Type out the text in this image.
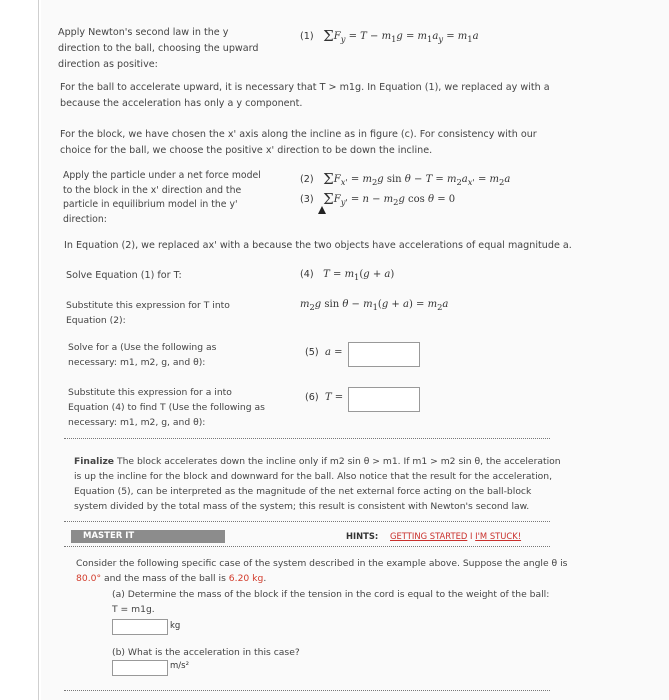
Apply Newton's second law in the y
direction to the ball, choosing the upward
direction as positive:
(1) $\Sigma F_y = T - m_1g = m_1a_y = m_1a$
For the ball to accelerate upward, it is necessary that T > m1g. In Equation (1), we replaced ay with a
because the acceleration has only a y component.
For the block, we have chosen the x' axis along the incline as in figure (c). For consistency with our
choice for the ball, we choose the positive x' direction to be down the incline.
Apply the particle under a net force model
to the block in the x' direction and the
particle in equilibrium model in the y'
direction:
(2) $\Sigma F_{x'} = m_2g$ $\sin \theta - T = m_2a_{x'} = m_2a$
(3) $\Sigma F_{y'} = n - m_2g$ cos θ = 0
In Equation (2), we replaced ax' with a because the two objects have accelerations of equal magnitude a.
Solve Equation (1) for T:	(4) $T = m_1(g + a)$
Substitute this expression for T into
Equation (2):
$m_2g$ $\sin \theta - m_1(g + a) = m_2a$
Solve for a (Use the following as
necessary: m1, m2, g, and θ):
(5) a =
Substitute this expression for a into
Equation (4) to find T (Use the following as
necessary: m1, m2, g, and θ):
(6) T =
Finalize The block accelerates down the incline only if m2 sin θ > m1. If m1 > m2 sin θ, the acceleration
is up the incline for the block and downward for the ball. Also notice that the result for the acceleration,
Equation (5), can be interpreted as the magnitude of the net external force acting on the ball-block
system divided by the total mass of the system; this result is consistent with Newton's second law.
MASTER IT	HINTS: GETTING STARTED I I'M STUCK!
Consider the following specific case of the system described in the example above. Suppose the angle θ is
80.0° and the mass of the ball is 6.20 kg.
(a) Determine the mass of the block if the tension in the cord is equal to the weight of the ball:
T = m1g.
kg
(b) What is the acceleration in this case?
m/s²
